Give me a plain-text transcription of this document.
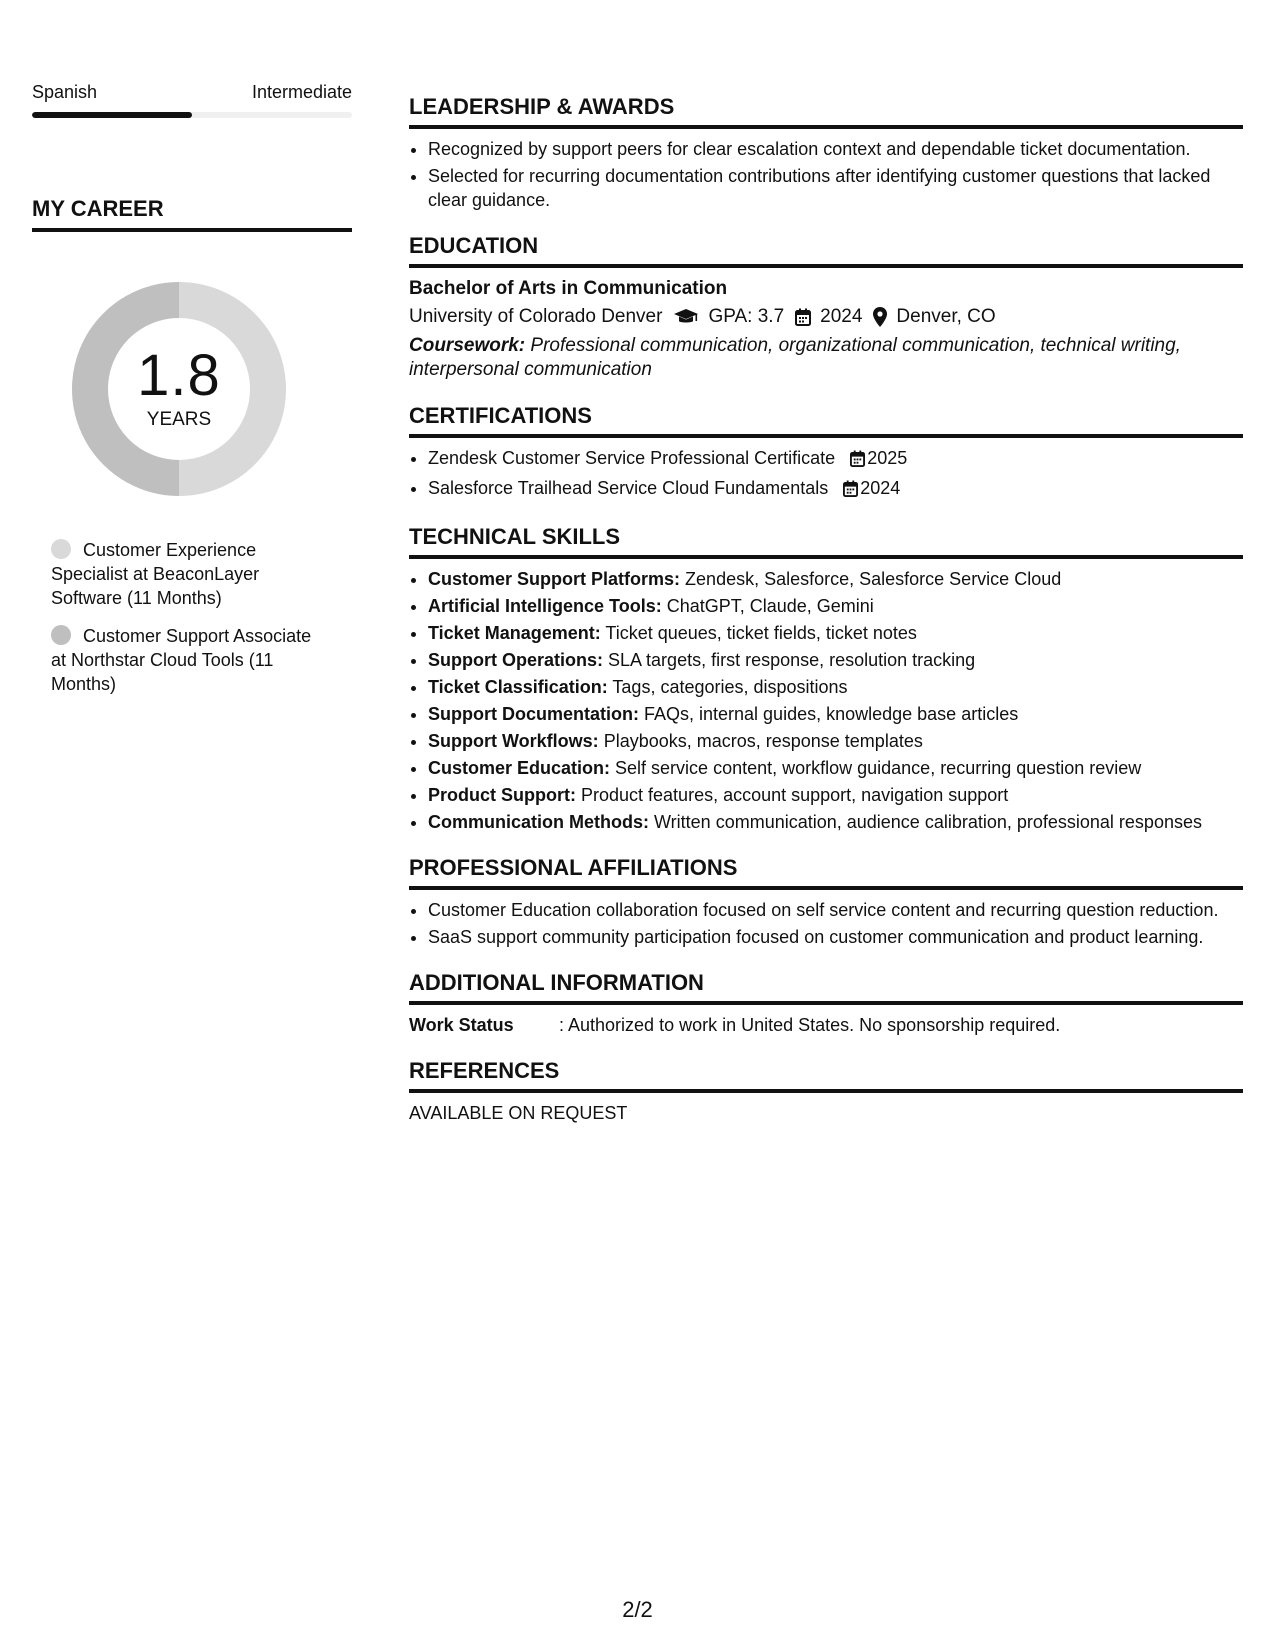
Spanish	Intermediate
MY CAREER
1.8
YEARS
Customer Experience Specialist at BeaconLayer Software (11 Months)
Customer Support Associate at Northstar Cloud Tools (11 Months)
LEADERSHIP & AWARDS
• Recognized by support peers for clear escalation context and dependable ticket documentation.
• Selected for recurring documentation contributions after identifying customer questions that lacked clear guidance.
EDUCATION
Bachelor of Arts in Communication
University of Colorado Denver GPA: 3.7 2024 Denver, CO
Coursework: Professional communication, organizational communication, technical writing, interpersonal communication
CERTIFICATIONS
• Zendesk Customer Service Professional Certificate 2025
• Salesforce Trailhead Service Cloud Fundamentals 2024
TECHNICAL SKILLS
• Customer Support Platforms: Zendesk, Salesforce, Salesforce Service Cloud
• Artificial Intelligence Tools: ChatGPT, Claude, Gemini
• Ticket Management: Ticket queues, ticket fields, ticket notes
• Support Operations: SLA targets, first response, resolution tracking
• Ticket Classification: Tags, categories, dispositions
• Support Documentation: FAQs, internal guides, knowledge base articles
• Support Workflows: Playbooks, macros, response templates
• Customer Education: Self service content, workflow guidance, recurring question review
• Product Support: Product features, account support, navigation support
• Communication Methods: Written communication, audience calibration, professional responses
PROFESSIONAL AFFILIATIONS
• Customer Education collaboration focused on self service content and recurring question reduction.
• SaaS support community participation focused on customer communication and product learning.
ADDITIONAL INFORMATION
Work Status	: Authorized to work in United States. No sponsorship required.
REFERENCES
AVAILABLE ON REQUEST
2/2
